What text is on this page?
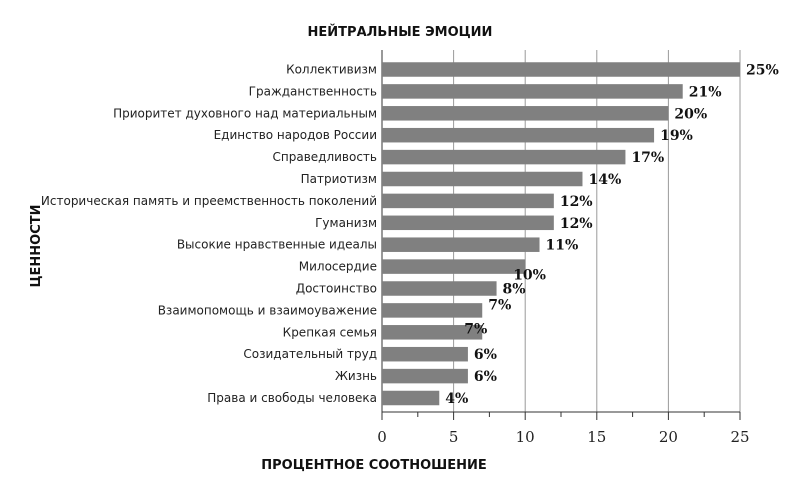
НЕЙТРАЛЬНЫЕ ЭМОЦИИ
ЦЕННОСТИ
ПРОЦЕНТНОЕ СООТНОШЕНИЕ
Коллективизм
Гражданственность
Приоритет духовного над материальным
Единство народов России
Справедливость
Патриотизм
Историческая память и преемственность поколений
Гуманизм
Высокие нравственные идеалы
Милосердие
Достоинство
Взаимопомощь и взаимоуважение
Крепкая семья
Созидательный труд
Жизнь
Права и свободы человека
25%
21%
20%
19%
17%
14%
12%
12%
11%
10%
8%
7%
7%
6%
6%
4%
0	5	10	15	20	25
